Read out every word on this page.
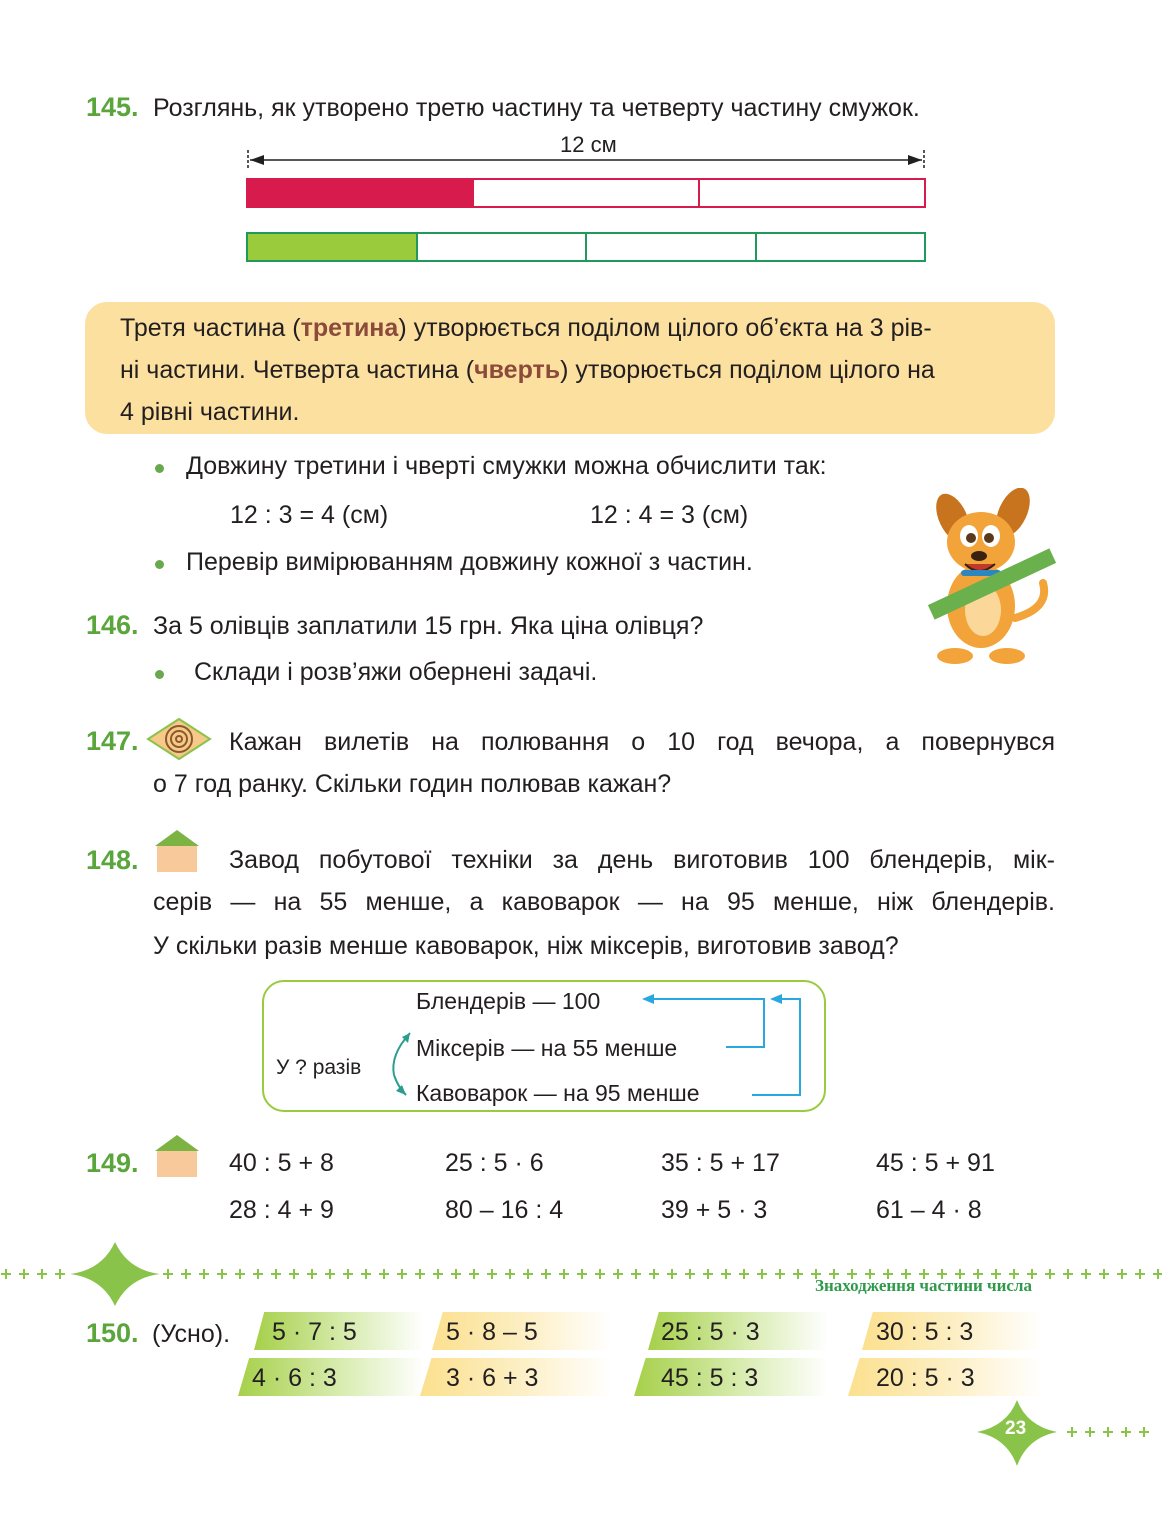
145. Розглянь, як утворено третю частину та четверту частину смужок.
12 см
Третя частина (третина) утворюється поділом цілого об’єкта на 3 рів-
ні частини. Четверта частина (чверть) утворюється поділом цілого на
4 рівні частини.
Довжину третини і чверті смужки можна обчислити так:
12 : 3 = 4 (см)	12 : 4 = 3 (см)
Перевір вимірюванням довжину кожної з частин.
146. За 5 олівців заплатили 15 грн. Яка ціна олівця?
Склади і розв’яжи обернені задачі.
147.	Кажан вилетів на полювання о 10 год вечора, а повернувся
о 7 год ранку. Скільки годин полював кажан?
148.	Завод побутової техніки за день виготовив 100 блендерів, мік-
серів — на 55 менше, а кавоварок — на 95 менше, ніж блендерів.
У скільки разів менше кавоварок, ніж міксерів, виготовив завод?
Блендерів — 100
Міксерів — на 55 менше
Кавоварок — на 95 менше
У ? разів
149.	40 : 5 + 8	25 : 5 · 6	35 : 5 + 17	45 : 5 + 91
28 : 4 + 9	80 – 16 : 4	39 + 5 · 3	61 – 4 · 8
Знаходження частини числа
150. (Усно). 5 · 7 : 5	5 · 8 – 5	25 : 5 · 3	30 : 5 : 3
4 · 6 : 3	3 · 6 + 3	45 : 5 : 3	20 : 5 · 3
23
